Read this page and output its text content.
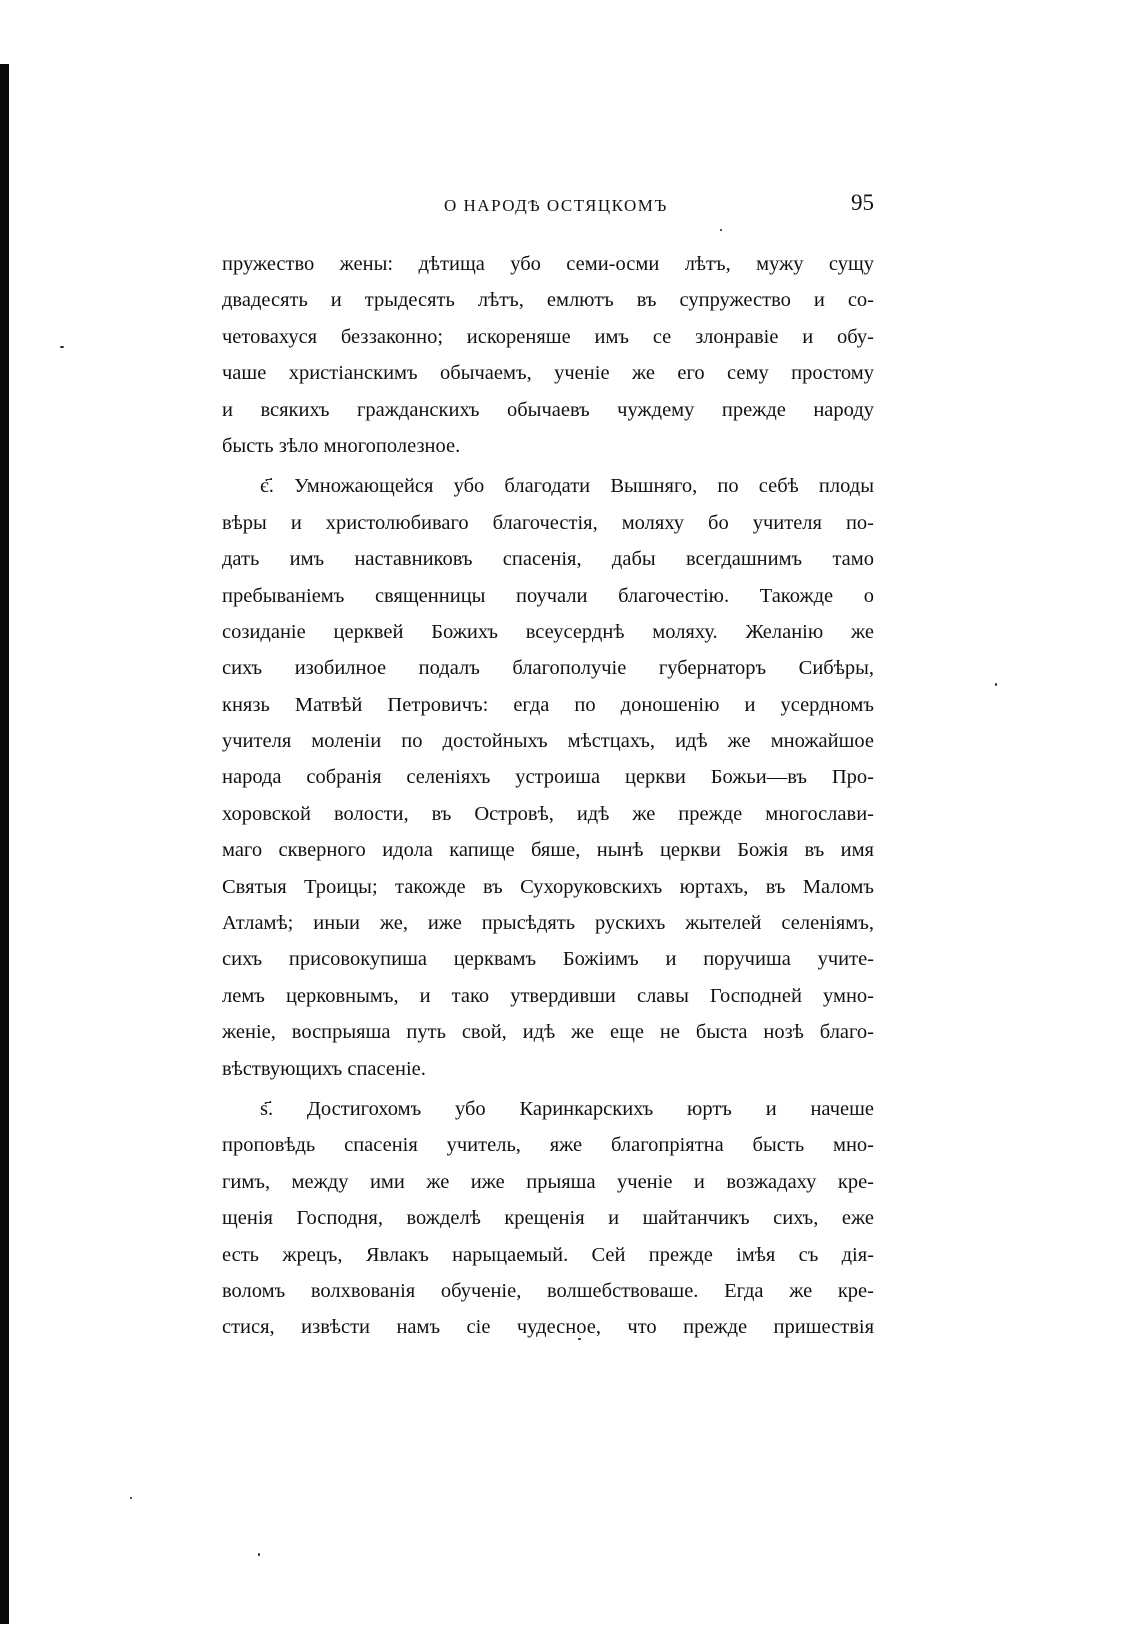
О НАРОДѢ ОСТЯЦКОМЪ	95
пружество жены: дѣтища убо семи-осми лѣтъ, мужу сущу
двадесять и трыдесять лѣтъ, емлютъ въ супружество и со-
четовахуся беззаконно; искореняше имъ се злонравіе и обу-
чаше христіанскимъ обычаемъ, ученіе же его сему простому
и всякихъ гражданскихъ обычаевъ чуждему прежде народу
бысть зѣло многополезное.
є҃. Умножающейся убо благодати Вышняго, по себѣ плоды
вѣры и христолюбиваго благочестія, моляху бо учителя по-
дать имъ наставниковъ спасенія, дабы всегдашнимъ тамо
пребываніемъ священницы поучали благочестію. Такожде о
созиданіе церквей Божихъ всеусерднѣ моляху. Желанію же
сихъ изобилное подалъ благополучіе губернаторъ Сибѣры,
князь Матвѣй Петровичъ: егда по доношенію и усердномъ
учителя моленіи по достойныхъ мѣстцахъ, идѣ же множайшое
народа собранія селеніяхъ устроиша церкви Божьи—въ Про-
хоровской волости, въ Островѣ, идѣ же прежде многослави-
маго скверного идола капище бяше, нынѣ церкви Божія въ имя
Святыя Троицы; такожде въ Сухоруковскихъ юртахъ, въ Маломъ
Атламѣ; иныи же, иже прысѣдять рускихъ жытелей селеніямъ,
сихъ присовокупиша церквамъ Божіимъ и поручиша учите-
лемъ церковнымъ, и тако утвердивши славы Господней умно-
женіе, воспрыяша путь свой, идѣ же еще не быста нозѣ благо-
вѣствующихъ спасеніе.
ѕ҃. Достигохомъ убо Каринкарскихъ юртъ и начеше
проповѣдь спасенія учитель, яже благопріятна бысть мно-
гимъ, между ими же иже прыяша ученіе и возжадаху кре-
щенія Господня, вожделѣ крещенія и шайтанчикъ сихъ, еже
есть жрецъ, Явлакъ нарыцаемый. Сей прежде імѣя съ дія-
воломъ волхвованія обученіе, волшебствоваше. Егда же кре-
стися, извѣсти намъ сіе чудесное, что прежде пришествія
